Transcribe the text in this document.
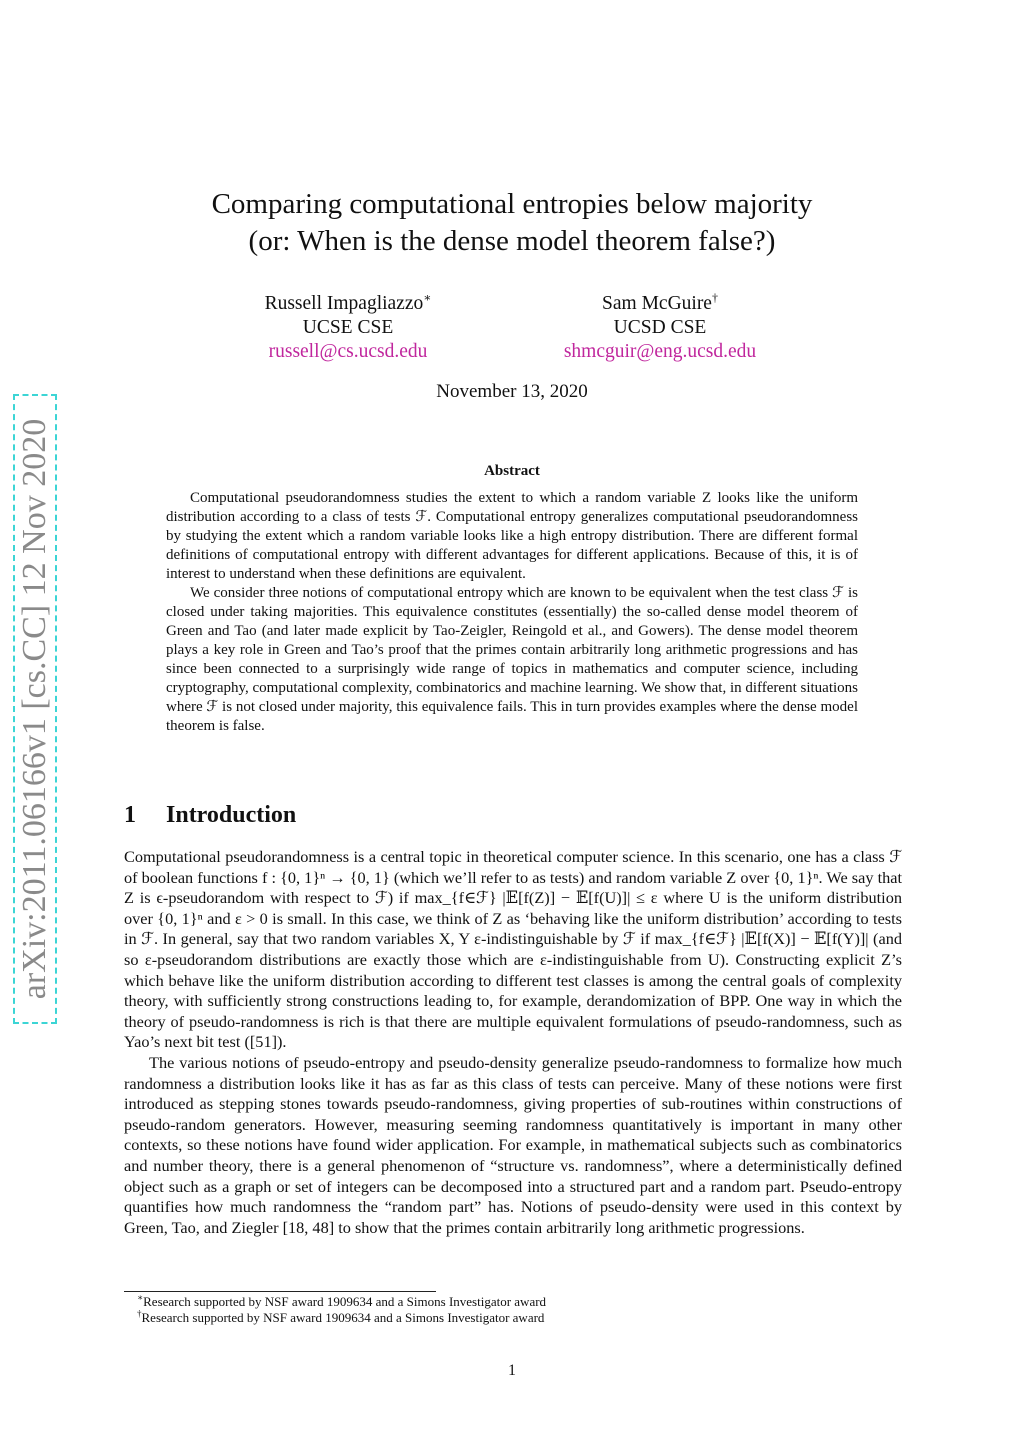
arXiv:2011.06166v1 [cs.CC] 12 Nov 2020
Comparing computational entropies below majority
(or: When is the dense model theorem false?)
Russell Impagliazzo∗
UCSE CSE
russell@cs.ucsd.edu
Sam McGuire†
UCSD CSE
shmcguir@eng.ucsd.edu
November 13, 2020
Abstract

Computational pseudorandomness studies the extent to which a random variable Z looks like the uniform distribution according to a class of tests ℱ. Computational entropy generalizes computational pseudorandomness by studying the extent which a random variable looks like a high entropy distribution. There are different formal definitions of computational entropy with different advantages for different applications. Because of this, it is of interest to understand when these definitions are equivalent.

We consider three notions of computational entropy which are known to be equivalent when the test class ℱ is closed under taking majorities. This equivalence constitutes (essentially) the so-called dense model theorem of Green and Tao (and later made explicit by Tao-Zeigler, Reingold et al., and Gowers). The dense model theorem plays a key role in Green and Tao’s proof that the primes contain arbitrarily long arithmetic progressions and has since been connected to a surprisingly wide range of topics in mathematics and computer science, including cryptography, computational complexity, combinatorics and machine learning. We show that, in different situations where ℱ is not closed under majority, this equivalence fails. This in turn provides examples where the dense model theorem is false.

1 Introduction

Computational pseudorandomness is a central topic in theoretical computer science. In this scenario, one has a class ℱ of boolean functions f : {0, 1}ⁿ → {0, 1} (which we’ll refer to as tests) and random variable Z over {0, 1}ⁿ. We say that Z is ϵ-pseudorandom with respect to ℱ) if max_{f∈ℱ} |𝔼[f(Z)] − 𝔼[f(U)]| ≤ ε where U is the uniform distribution over {0, 1}ⁿ and ε > 0 is small. In this case, we think of Z as ‘behaving like the uniform distribution’ according to tests in ℱ. In general, say that two random variables X, Y ε-indistinguishable by ℱ if max_{f∈ℱ} |𝔼[f(X)] − 𝔼[f(Y)]| (and so ε-pseudorandom distributions are exactly those which are ε-indistinguishable from U). Constructing explicit Z’s which behave like the uniform distribution according to different test classes is among the central goals of complexity theory, with sufficiently strong constructions leading to, for example, derandomization of BPP. One way in which the theory of pseudo-randomness is rich is that there are multiple equivalent formulations of pseudo-randomness, such as Yao’s next bit test ([51]).

The various notions of pseudo-entropy and pseudo-density generalize pseudo-randomness to formalize how much randomness a distribution looks like it has as far as this class of tests can perceive. Many of these notions were first introduced as stepping stones towards pseudo-randomness, giving properties of sub-routines within constructions of pseudo-random generators. However, measuring seeming randomness quantitatively is important in many other contexts, so these notions have found wider application. For example, in mathematical subjects such as combinatorics and number theory, there is a general phenomenon of “structure vs. randomness”, where a deterministically defined object such as a graph or set of integers can be decomposed into a structured part and a random part. Pseudo-entropy quantifies how much randomness the “random part” has. Notions of pseudo-density were used in this context by Green, Tao, and Ziegler [18, 48] to show that the primes contain arbitrarily long arithmetic progressions.

∗Research supported by NSF award 1909634 and a Simons Investigator award
†Research supported by NSF award 1909634 and a Simons Investigator award
1
